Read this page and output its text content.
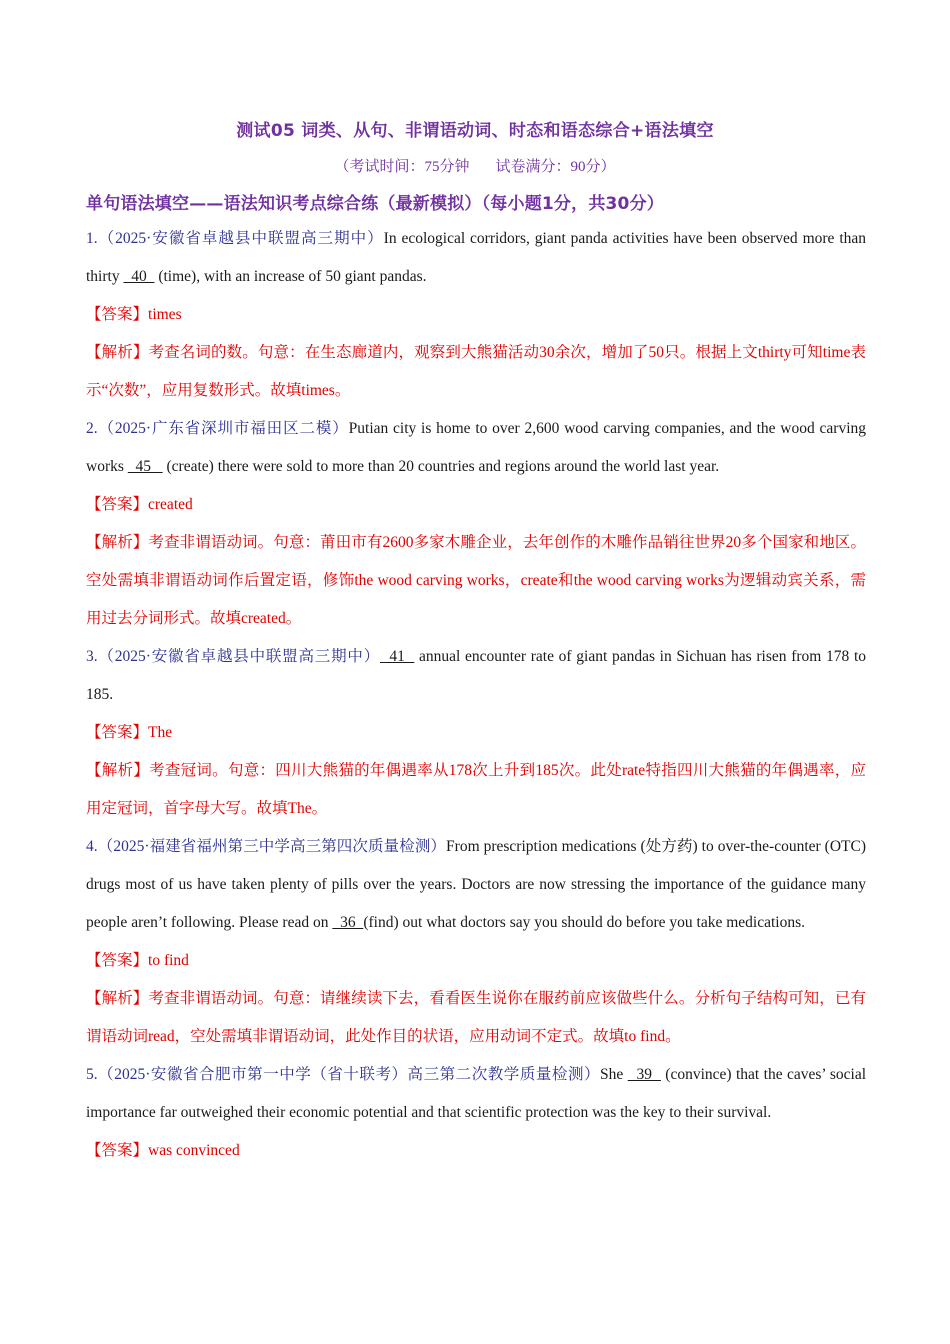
测试05 词类、从句、非谓语动词、时态和语态综合+语法填空
（考试时间：75分钟 试卷满分：90分）
单句语法填空——语法知识考点综合练（最新模拟）（每小题1分，共30分）

1.（2025·安徽省卓越县中联盟高三期中）In ecological corridors, giant panda activities have been observed more than thirty   40   (time), with an increase of 50 giant pandas.

【答案】times

【解析】考查名词的数。句意：在生态廊道内，观察到大熊猫活动30余次，增加了50只。根据上文thirty可知time表示“次数”，应用复数形式。故填times。

2.（2025·广东省深圳市福田区二模）Putian city is home to over 2,600 wood carving companies, and the wood carving works   45    (create) there were sold to more than 20 countries and regions around the world last year.

【答案】created

【解析】考查非谓语动词。句意：莆田市有2600多家木雕企业，去年创作的木雕作品销往世界20多个国家和地区。空处需填非谓语动词作后置定语，修饰the wood carving works，create和the wood carving works为逻辑动宾关系，需用过去分词形式。故填created。

3.（2025·安徽省卓越县中联盟高三期中）  41   annual encounter rate of giant pandas in Sichuan has risen from 178 to 185.

【答案】The

【解析】考查冠词。句意：四川大熊猫的年偶遇率从178次上升到185次。此处rate特指四川大熊猫的年偶遇率，应用定冠词，首字母大写。故填The。

4.（2025·福建省福州第三中学高三第四次质量检测）From prescription medications (处方药) to over-the-counter (OTC) drugs most of us have taken plenty of pills over the years. Doctors are now stressing the importance of the guidance many people aren’t following. Please read on   36  (find) out what doctors say you should do before you take medications.

【答案】to find

【解析】考查非谓语动词。句意：请继续读下去，看看医生说你在服药前应该做些什么。分析句子结构可知，已有谓语动词read，空处需填非谓语动词，此处作目的状语，应用动词不定式。故填to find。

5.（2025·安徽省合肥市第一中学（省十联考）高三第二次教学质量检测）She   39   (convince) that the caves’ social importance far outweighed their economic potential and that scientific protection was the key to their survival.

【答案】was convinced
